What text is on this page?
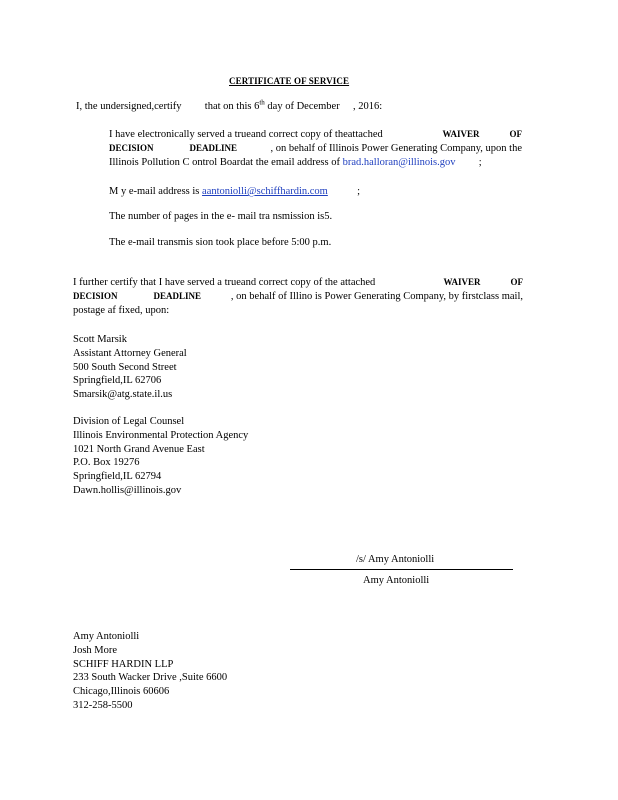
CERTIFICATE OF SERVICE
I, the undersigned,certify that on this 6th day of December , 2016:
I have electronically served a trueand correct copy of theattached	WAIVER	OF
DECISION	DEADLINE	, on behalf of Illinois Power Generating Company, upon the
Illinois Pollution C ontrol Boardat the email address of brad.halloran@illinois.gov ;
M y e-mail address is aantoniolli@schiffhardin.com	;
The number of pages in the e- mail tra nsmission is5.
The e-mail transmis sion took place before 5:00 p.m.
I further certify that I have served a trueand correct copy of the attached	WAIVER	OF
DECISION	DEADLINE	, on behalf of Illino is Power Generating Company, by firstclass mail,
postage af fixed, upon:
Scott Marsik
Assistant Attorney General
500 South Second Street
Springfield,IL 62706
Smarsik@atg.state.il.us
Division of Legal Counsel
Illinois Environmental Protection Agency
1021 North Grand Avenue East
P.O. Box 19276
Springfield,IL 62794
Dawn.hollis@illinois.gov
/s/ Amy Antoniolli
Amy Antoniolli
Amy Antoniolli
Josh More
SCHIFF HARDIN LLP
233 South Wacker Drive ,Suite 6600
Chicago,Illinois 60606
312-258-5500
